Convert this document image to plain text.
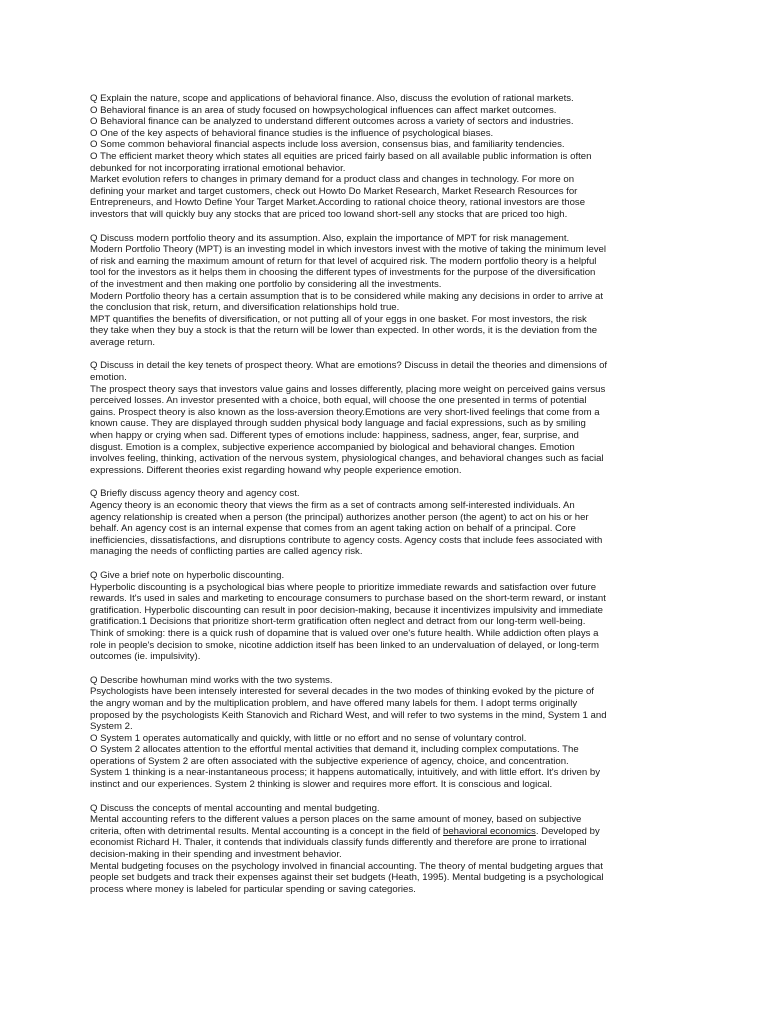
Q Explain the nature, scope and applications of behavioral finance. Also, discuss the evolution of rational markets.
O Behavioral finance is an area of study focused on howpsychological influences can affect market outcomes.
O Behavioral finance can be analyzed to understand different outcomes across a variety of sectors and industries.
O One of the key aspects of behavioral finance studies is the influence of psychological biases.
O Some common behavioral financial aspects include loss aversion, consensus bias, and familiarity tendencies.
O The efficient market theory which states all equities are priced fairly based on all available public information is often
debunked for not incorporating irrational emotional behavior.
Market evolution refers to changes in primary demand for a product class and changes in technology. For more on
defining your market and target customers, check out Howto Do Market Research, Market Research Resources for
Entrepreneurs, and Howto Define Your Target Market.According to rational choice theory, rational investors are those
investors that will quickly buy any stocks that are priced too lowand short-sell any stocks that are priced too high.
Q Discuss modern portfolio theory and its assumption. Also, explain the importance of MPT for risk management.
Modern Portfolio Theory (MPT) is an investing model in which investors invest with the motive of taking the minimum level
of risk and earning the maximum amount of return for that level of acquired risk. The modern portfolio theory is a helpful
tool for the investors as it helps them in choosing the different types of investments for the purpose of the diversification
of the investment and then making one portfolio by considering all the investments.
Modern Portfolio theory has a certain assumption that is to be considered while making any decisions in order to arrive at
the conclusion that risk, return, and diversification relationships hold true.
MPT quantifies the benefits of diversification, or not putting all of your eggs in one basket. For most investors, the risk
they take when they buy a stock is that the return will be lower than expected. In other words, it is the deviation from the
average return.
Q Discuss in detail the key tenets of prospect theory. What are emotions? Discuss in detail the theories and dimensions of
emotion.
The prospect theory says that investors value gains and losses differently, placing more weight on perceived gains versus
perceived losses. An investor presented with a choice, both equal, will choose the one presented in terms of potential
gains. Prospect theory is also known as the loss-aversion theory.Emotions are very short-lived feelings that come from a
known cause. They are displayed through sudden physical body language and facial expressions, such as by smiling
when happy or crying when sad. Different types of emotions include: happiness, sadness, anger, fear, surprise, and
disgust. Emotion is a complex, subjective experience accompanied by biological and behavioral changes. Emotion
involves feeling, thinking, activation of the nervous system, physiological changes, and behavioral changes such as facial
expressions. Different theories exist regarding howand why people experience emotion.
Q Briefly discuss agency theory and agency cost.
Agency theory is an economic theory that views the firm as a set of contracts among self-interested individuals. An
agency relationship is created when a person (the principal) authorizes another person (the agent) to act on his or her
behalf. An agency cost is an internal expense that comes from an agent taking action on behalf of a principal. Core
inefficiencies, dissatisfactions, and disruptions contribute to agency costs. Agency costs that include fees associated with
managing the needs of conflicting parties are called agency risk.
Q Give a brief note on hyperbolic discounting.
Hyperbolic discounting is a psychological bias where people to prioritize immediate rewards and satisfaction over future
rewards. It's used in sales and marketing to encourage consumers to purchase based on the short-term reward, or instant
gratification. Hyperbolic discounting can result in poor decision-making, because it incentivizes impulsivity and immediate
gratification.1 Decisions that prioritize short-term gratification often neglect and detract from our long-term well-being.
Think of smoking: there is a quick rush of dopamine that is valued over one's future health. While addiction often plays a
role in people's decision to smoke, nicotine addiction itself has been linked to an undervaluation of delayed, or long-term
outcomes (ie. impulsivity).
Q Describe howhuman mind works with the two systems.
Psychologists have been intensely interested for several decades in the two modes of thinking evoked by the picture of
the angry woman and by the multiplication problem, and have offered many labels for them. I adopt terms originally
proposed by the psychologists Keith Stanovich and Richard West, and will refer to two systems in the mind, System 1 and
System 2.
O System 1 operates automatically and quickly, with little or no effort and no sense of voluntary control.
O System 2 allocates attention to the effortful mental activities that demand it, including complex computations. The
operations of System 2 are often associated with the subjective experience of agency, choice, and concentration.
System 1 thinking is a near-instantaneous process; it happens automatically, intuitively, and with little effort. It's driven by
instinct and our experiences. System 2 thinking is slower and requires more effort. It is conscious and logical.
Q Discuss the concepts of mental accounting and mental budgeting.
Mental accounting refers to the different values a person places on the same amount of money, based on subjective
criteria, often with detrimental results. Mental accounting is a concept in the field of behavioral economics. Developed by
economist Richard H. Thaler, it contends that individuals classify funds differently and therefore are prone to irrational
decision-making in their spending and investment behavior.
Mental budgeting focuses on the psychology involved in financial accounting. The theory of mental budgeting argues that
people set budgets and track their expenses against their set budgets (Heath, 1995). Mental budgeting is a psychological
process where money is labeled for particular spending or saving categories.
